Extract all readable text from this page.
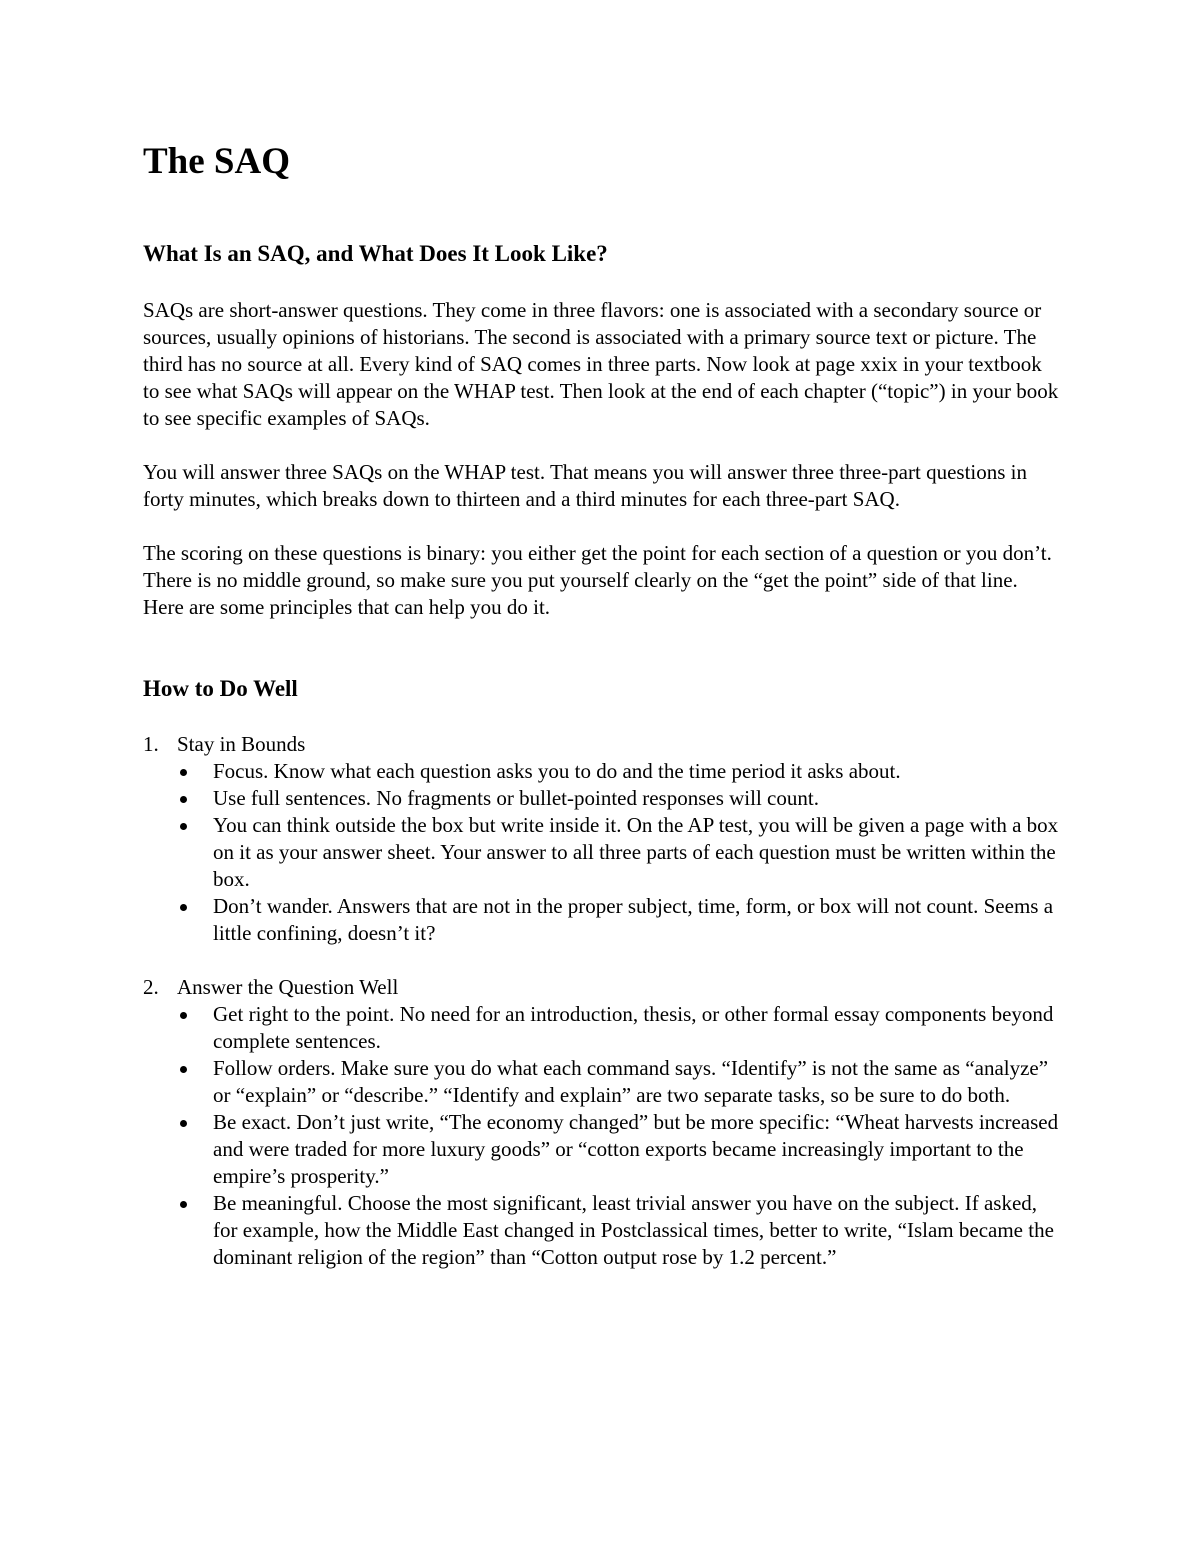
The SAQ
What Is an SAQ, and What Does It Look Like?

SAQs are short-answer questions. They come in three flavors: one is associated with a secondary source or sources, usually opinions of historians. The second is associated with a primary source text or picture. The third has no source at all. Every kind of SAQ comes in three parts. Now look at page xxix in your textbook to see what SAQs will appear on the WHAP test. Then look at the end of each chapter (“topic”) in your book to see specific examples of SAQs.

You will answer three SAQs on the WHAP test. That means you will answer three three-part questions in forty minutes, which breaks down to thirteen and a third minutes for each three-part SAQ.

The scoring on these questions is binary: you either get the point for each section of a question or you don’t. There is no middle ground, so make sure you put yourself clearly on the “get the point” side of that line. Here are some principles that can help you do it.

How to Do Well
1. Stay in Bounds
Focus. Know what each question asks you to do and the time period it asks about.
Use full sentences. No fragments or bullet-pointed responses will count.
You can think outside the box but write inside it. On the AP test, you will be given a page with a box on it as your answer sheet. Your answer to all three parts of each question must be written within the box.
Don’t wander. Answers that are not in the proper subject, time, form, or box will not count. Seems a little confining, doesn’t it?
2. Answer the Question Well
Get right to the point. No need for an introduction, thesis, or other formal essay components beyond complete sentences.
Follow orders. Make sure you do what each command says. “Identify” is not the same as “analyze” or “explain” or “describe.” “Identify and explain” are two separate tasks, so be sure to do both.
Be exact. Don’t just write, “The economy changed” but be more specific: “Wheat harvests increased and were traded for more luxury goods” or “cotton exports became increasingly important to the empire’s prosperity.”
Be meaningful. Choose the most significant, least trivial answer you have on the subject. If asked, for example, how the Middle East changed in Postclassical times, better to write, “Islam became the dominant religion of the region” than “Cotton output rose by 1.2 percent.”
